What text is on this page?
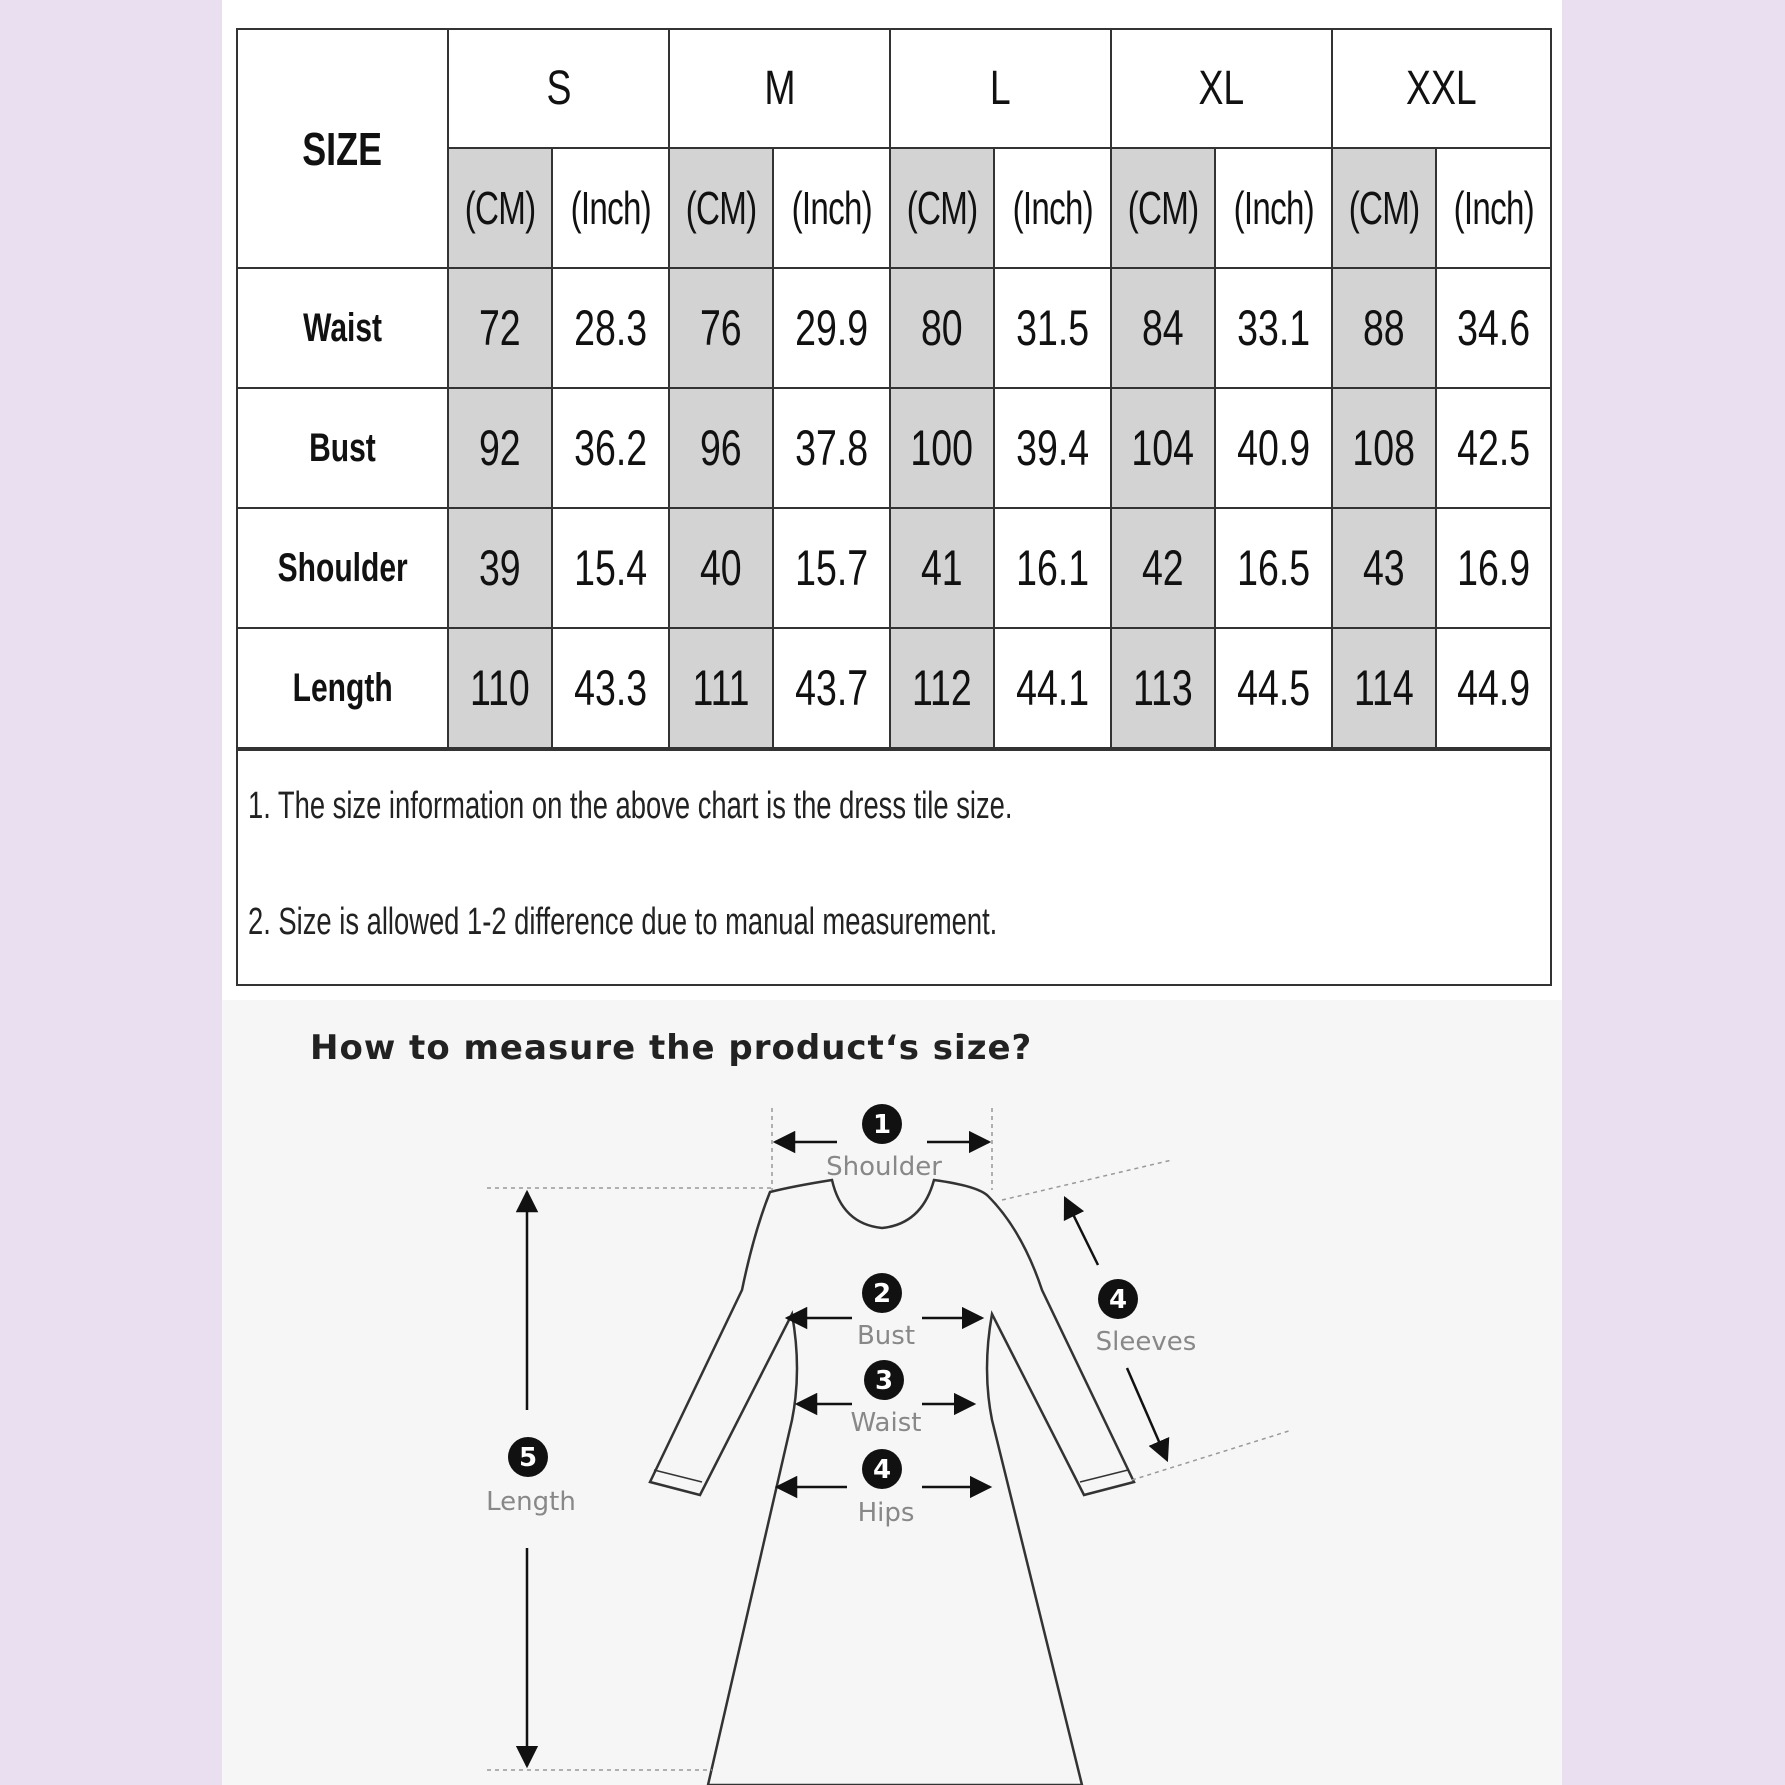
SIZE	S		M		L		XL		XXL	
	(CM)	(Inch)	(CM)	(Inch)	(CM)	(Inch)	(CM)	(Inch)	(CM)	(Inch)
Waist	72	28.3	76	29.9	80	31.5	84	33.1	88	34.6
Bust	92	36.2	96	37.8	100	39.4	104	40.9	108	42.5
Shoulder	39	15.4	40	15.7	41	16.1	42	16.5	43	16.9
Length	110	43.3	111	43.7	112	44.1	113	44.5	114	44.9
1. The size information on the above chart is the dress tile size.
2. Size is allowed 1-2 difference due to manual measurement.
How to measure the product‘s size?
1
Shoulder
2
Bust
3
Waist
4
Hips
4
Sleeves
5
Length
